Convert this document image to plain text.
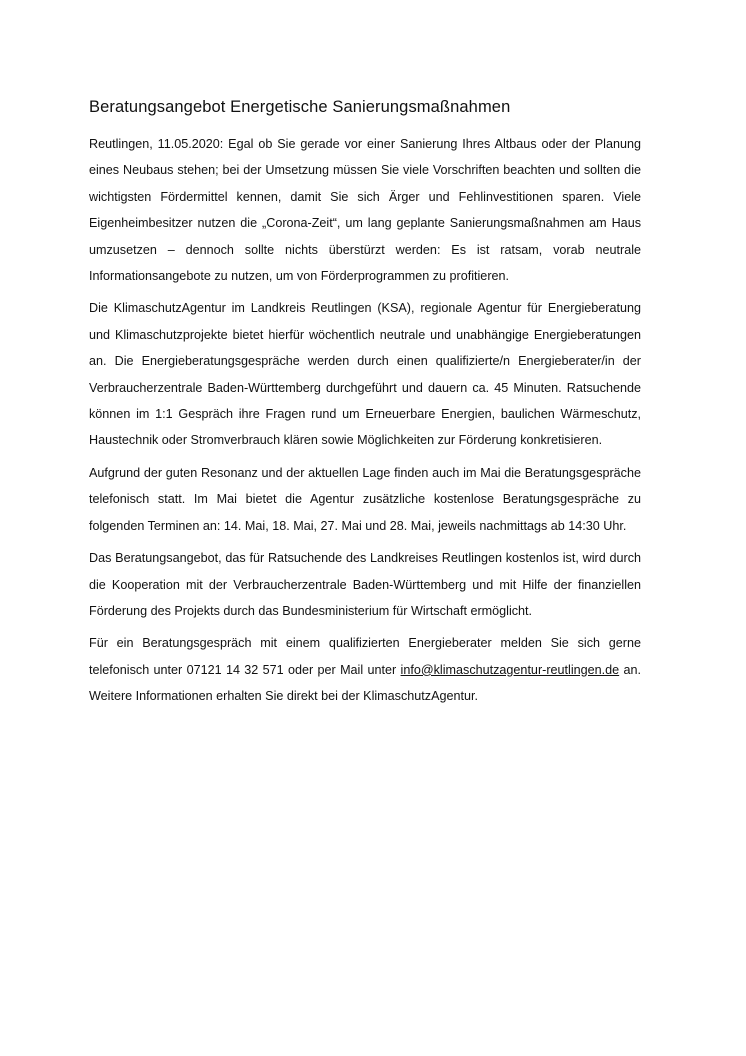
Beratungsangebot Energetische Sanierungsmaßnahmen

Reutlingen, 11.05.2020: Egal ob Sie gerade vor einer Sanierung Ihres Altbaus oder der Planung eines Neubaus stehen; bei der Umsetzung müssen Sie viele Vorschriften beachten und sollten die wichtigsten Fördermittel kennen, damit Sie sich Ärger und Fehlinvestitionen sparen. Viele Eigenheimbesitzer nutzen die „Corona-Zeit“, um lang geplante Sanierungsmaßnahmen am Haus umzusetzen – dennoch sollte nichts überstürzt werden: Es ist ratsam, vorab neutrale Informationsangebote zu nutzen, um von Förderprogrammen zu profitieren.

Die KlimaschutzAgentur im Landkreis Reutlingen (KSA), regionale Agentur für Energieberatung und Klimaschutzprojekte bietet hierfür wöchentlich neutrale und unabhängige Energieberatungen an. Die Energieberatungsgespräche werden durch einen qualifizierte/n Energieberater/in der Verbraucherzentrale Baden-Württemberg durchgeführt und dauern ca. 45 Minuten. Ratsuchende können im 1:1 Gespräch ihre Fragen rund um Erneuerbare Energien, baulichen Wärmeschutz, Haustechnik oder Stromverbrauch klären sowie Möglichkeiten zur Förderung konkretisieren.

Aufgrund der guten Resonanz und der aktuellen Lage finden auch im Mai die Beratungsgespräche telefonisch statt. Im Mai bietet die Agentur zusätzliche kostenlose Beratungsgespräche zu folgenden Terminen an: 14. Mai, 18. Mai, 27. Mai und 28. Mai, jeweils nachmittags ab 14:30 Uhr.

Das Beratungsangebot, das für Ratsuchende des Landkreises Reutlingen kostenlos ist, wird durch die Kooperation mit der Verbraucherzentrale Baden-Württemberg und mit Hilfe der finanziellen Förderung des Projekts durch das Bundesministerium für Wirtschaft ermöglicht.

Für ein Beratungsgespräch mit einem qualifizierten Energieberater melden Sie sich gerne telefonisch unter 07121 14 32 571 oder per Mail unter info@klimaschutzagentur-reutlingen.de an. Weitere Informationen erhalten Sie direkt bei der KlimaschutzAgentur.
